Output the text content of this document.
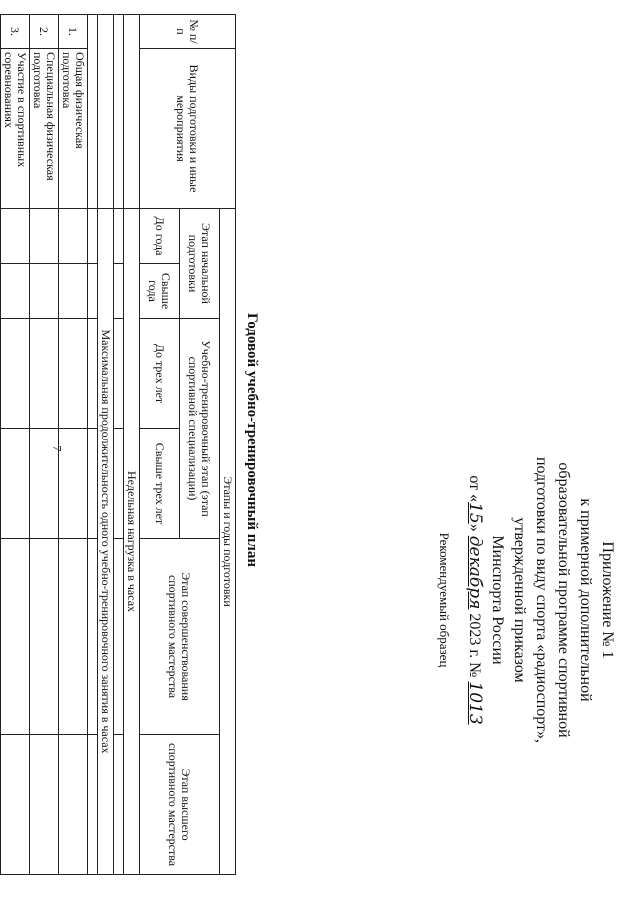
7
Приложение № 1
к примерной дополнительной
образовательной программе спортивной
подготовки по виду спорта «радиоспорт»,
утвержденной приказом
Минспорта России
от «15» декабря 2023 г. № 1013
Рекомендуемый образец
Годовой учебно-тренировочный план
№ п/п	Виды подготовки и иные мероприятия	Этапы и годы подготовки					
		Этап начальной подготовки		Учебно-тренировочный этап (этап спортивной специализации)		Этап совершенствования спортивного мастерства	Этап высшего спортивного мастерства
		До года	Свыше года	До трех лет	Свыше трех лет		
		Недельная нагрузка в часах					

		Максимальная продолжительность одного учебно-тренировочного занятия в часах					

1.	Общая физическая подготовка						
2.	Специальная физическая подготовка						
3.	Участие в спортивных соревнованиях						
